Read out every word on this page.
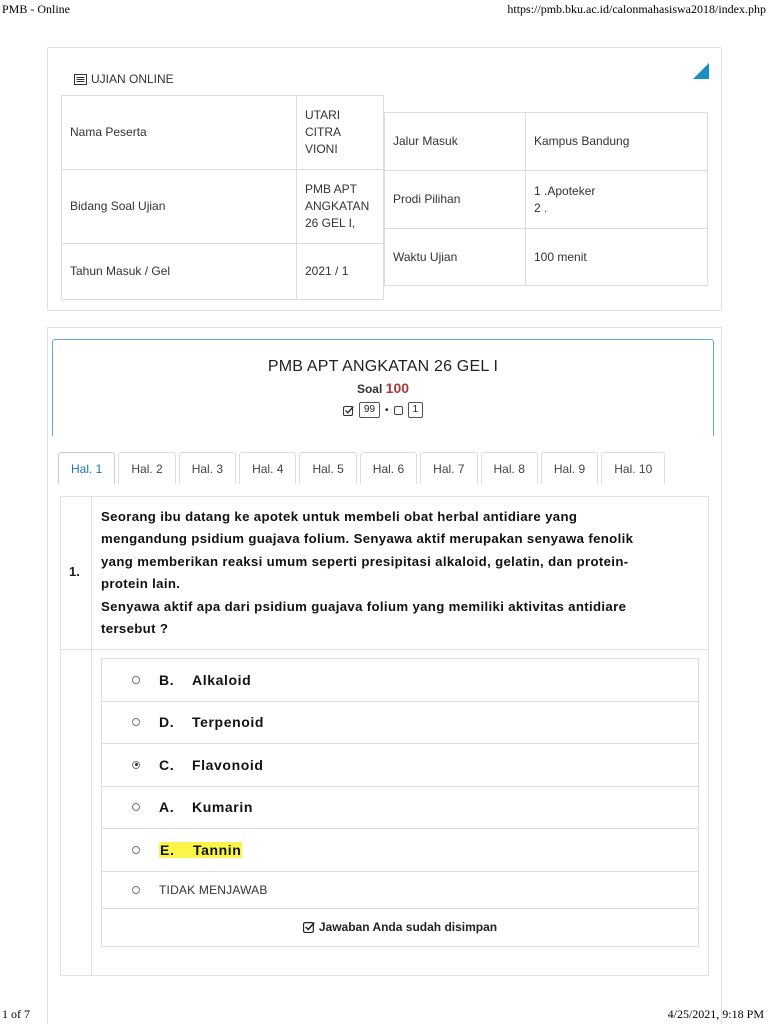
PMB - Online	https://pmb.bku.ac.id/calonmahasiswa2018/index.php
1 of 7	4/25/2021, 9:18 PM
UJIAN ONLINE
Nama Peserta	UTARI
CITRA
VIONI

Bidang Soal Ujian	PMB APT
ANGKATAN
26 GEL I,

Tahun Masuk / Gel	2021 / 1
Jalur Masuk	Kampus Bandung

Prodi Pilihan	1 .Apoteker
2 .

Waktu Ujian	100 menit
PMB APT ANGKATAN 26 GEL I
Soal 100
99	•	1
Hal. 1	Hal. 2	Hal. 3	Hal. 4	Hal. 5	Hal. 6	Hal. 7	Hal. 8	Hal. 9	Hal. 10
1.
Seorang ibu datang ke apotek untuk membeli obat herbal antidiare yang
mengandung psidium guajava folium. Senyawa aktif merupakan senyawa fenolik
yang memberikan reaksi umum seperti presipitasi alkaloid, gelatin, dan protein-
protein lain.
Senyawa aktif apa dari psidium guajava folium yang memiliki aktivitas antidiare
tersebut ?
B. Alkaloid
D. Terpenoid
C. Flavonoid
A. Kumarin
E. Tannin
TIDAK MENJAWAB
Jawaban Anda sudah disimpan
